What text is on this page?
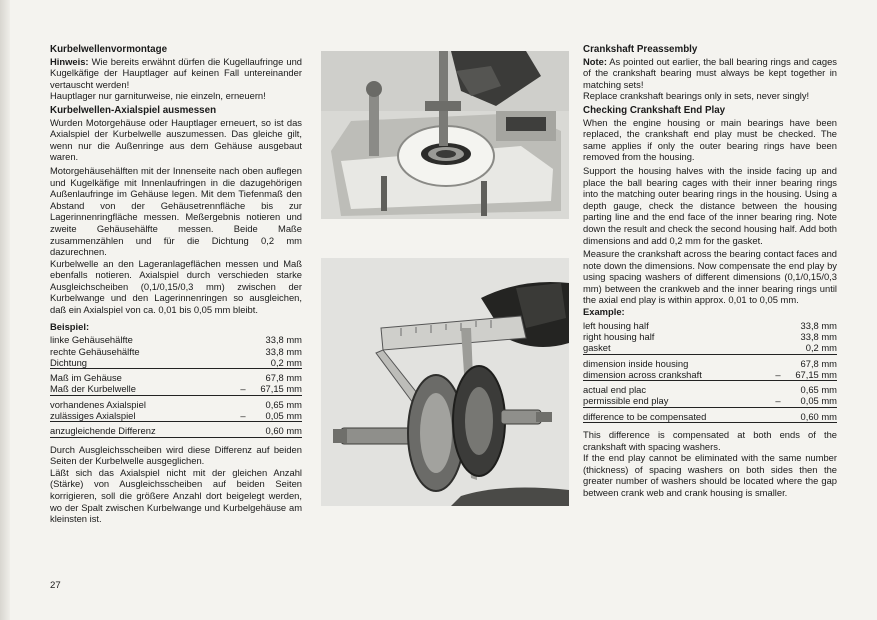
Kurbelwellenvormontage

Hinweis: Wie bereits erwähnt dürfen die Kugellaufringe und Kugelkäfige der Hauptlager auf keinen Fall untereinander vertauscht werden!

Hauptlager nur garniturweise, nie einzeln, erneuern!

Kurbelwellen-Axialspiel ausmessen

Wurden Motorgehäuse oder Hauptlager erneuert, so ist das Axialspiel der Kurbelwelle auszumessen. Das gleiche gilt, wenn nur die Außenringe aus dem Gehäuse ausgebaut waren.

Motorgehäusehälften mit der Innenseite nach oben auflegen und Kugelkäfige mit Innenlaufringen in die dazugehörigen Außenlaufringe im Gehäuse legen. Mit dem Tiefenmaß den Abstand von der Gehäusetrennfläche bis zur Lagerinnenringfläche messen. Meßergebnis notieren und zweite Gehäusehälfte messen. Beide Maße zusammenzählen und für die Dichtung 0,2 mm dazurechnen.

Kurbelwelle an den Lageranlageflächen messen und Maß ebenfalls notieren. Axialspiel durch verschieden starke Ausgleichscheiben (0,1/0,15/0,3 mm) zwischen der Kurbelwange und den Lagerinnenringen so ausgleichen, daß ein Axialspiel von ca. 0,01 bis 0,05 mm bleibt.

Beispiel:
linke Gehäusehälfte	33,8 mm
rechte Gehäusehälfte	33,8 mm
Dichtung	0,2 mm
Maß im Gehäuse	67,8 mm
Maß der Kurbelwelle	–	67,15 mm
vorhandenes Axialspiel	0,65 mm
zulässiges Axialspiel	–	0,05 mm
anzugleichende Differenz	0,60 mm

Durch Ausgleichsscheiben wird diese Differenz auf beiden Seiten der Kurbelwelle ausgeglichen.

Läßt sich das Axialspiel nicht mit der gleichen Anzahl (Stärke) von Ausgleichsscheiben auf beiden Seiten korrigieren, soll die größere Anzahl dort beigelegt werden, wo der Spalt zwischen Kurbelwange und Kurbelgehäuse am kleinsten ist.

Crankshaft Preassembly

Note: As pointed out earlier, the ball bearing rings and cages of the crankshaft bearing must always be kept together in matching sets!

Replace crankshaft bearings only in sets, never singly!

Checking Crankshaft End Play

When the engine housing or main bearings have been replaced, the crankshaft end play must be checked. The same applies if only the outer bearing rings have been removed from the housing.

Support the housing halves with the inside facing up and place the ball bearing cages with their inner bearing rings into the matching outer bearing rings in the housing. Using a depth gauge, check the distance between the housing parting line and the end face of the inner bearing ring. Note down the result and check the second housing half. Add both dimensions and add 0,2 mm for the gasket.

Measure the crankshaft across the bearing contact faces and note down the dimensions. Now compensate the end play by using spacing washers of different dimensions (0,1/0,15/0,3 mm) between the crankweb and the inner bearing rings until the axial end play is within approx. 0,01 to 0,05 mm.

Example:
left housing half	33,8 mm
right housing half	33,8 mm
gasket	0,2 mm
dimension inside housing	67,8 mm
dimension across crankshaft	–	67,15 mm
actual end plac	0,65 mm
permissible end play	–	0,05 mm
difference to be compensated	0,60 mm

This difference is compensated at both ends of the crankshaft with spacing washers.

If the end play cannot be eliminated with the same number (thickness) of spacing washers on both sides then the greater number of washers should be located where the gap between crank web and crank housing is smaller.

27
